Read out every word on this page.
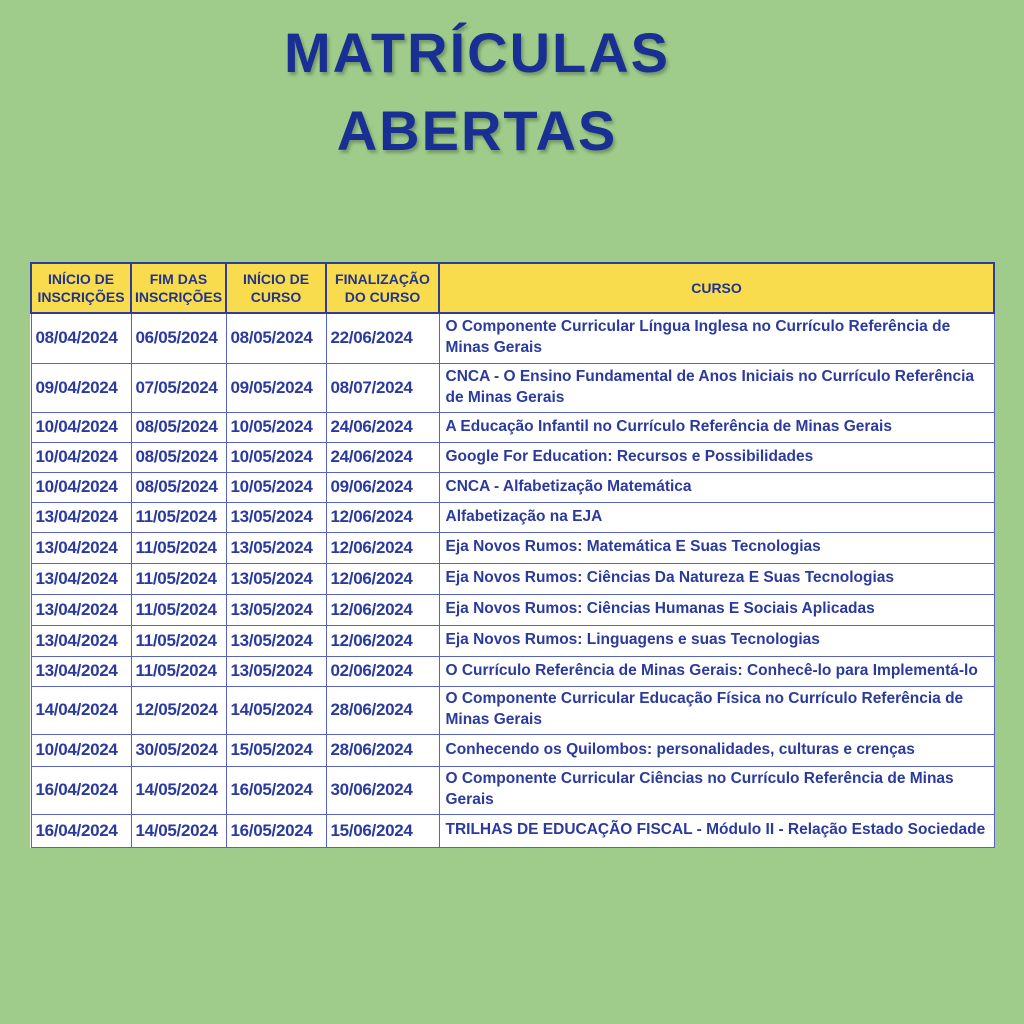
MATRÍCULAS
ABERTAS
INÍCIO DE INSCRIÇÕES	FIM DAS INSCRIÇÕES	INÍCIO DE CURSO	FINALIZAÇÃO DO CURSO	CURSO
08/04/2024	06/05/2024	08/05/2024	22/06/2024	O Componente Curricular Língua Inglesa no Currículo Referência de Minas Gerais
09/04/2024	07/05/2024	09/05/2024	08/07/2024	CNCA - O Ensino Fundamental de Anos Iniciais no Currículo Referência de Minas Gerais
10/04/2024	08/05/2024	10/05/2024	24/06/2024	A Educação Infantil no Currículo Referência de Minas Gerais
10/04/2024	08/05/2024	10/05/2024	24/06/2024	Google For Education: Recursos e Possibilidades
10/04/2024	08/05/2024	10/05/2024	09/06/2024	CNCA - Alfabetização Matemática
13/04/2024	11/05/2024	13/05/2024	12/06/2024	Alfabetização na EJA
13/04/2024	11/05/2024	13/05/2024	12/06/2024	Eja Novos Rumos: Matemática E Suas Tecnologias
13/04/2024	11/05/2024	13/05/2024	12/06/2024	Eja Novos Rumos: Ciências Da Natureza E Suas Tecnologias
13/04/2024	11/05/2024	13/05/2024	12/06/2024	Eja Novos Rumos: Ciências Humanas E Sociais Aplicadas
13/04/2024	11/05/2024	13/05/2024	12/06/2024	Eja Novos Rumos: Linguagens e suas Tecnologias
13/04/2024	11/05/2024	13/05/2024	02/06/2024	O Currículo Referência de Minas Gerais: Conhecê-lo para Implementá-lo
14/04/2024	12/05/2024	14/05/2024	28/06/2024	O Componente Curricular Educação Física no Currículo Referência de Minas Gerais
10/04/2024	30/05/2024	15/05/2024	28/06/2024	Conhecendo os Quilombos: personalidades, culturas e crenças
16/04/2024	14/05/2024	16/05/2024	30/06/2024	O Componente Curricular Ciências no Currículo Referência de Minas Gerais
16/04/2024	14/05/2024	16/05/2024	15/06/2024	TRILHAS DE EDUCAÇÃO FISCAL - Módulo II - Relação Estado Sociedade
